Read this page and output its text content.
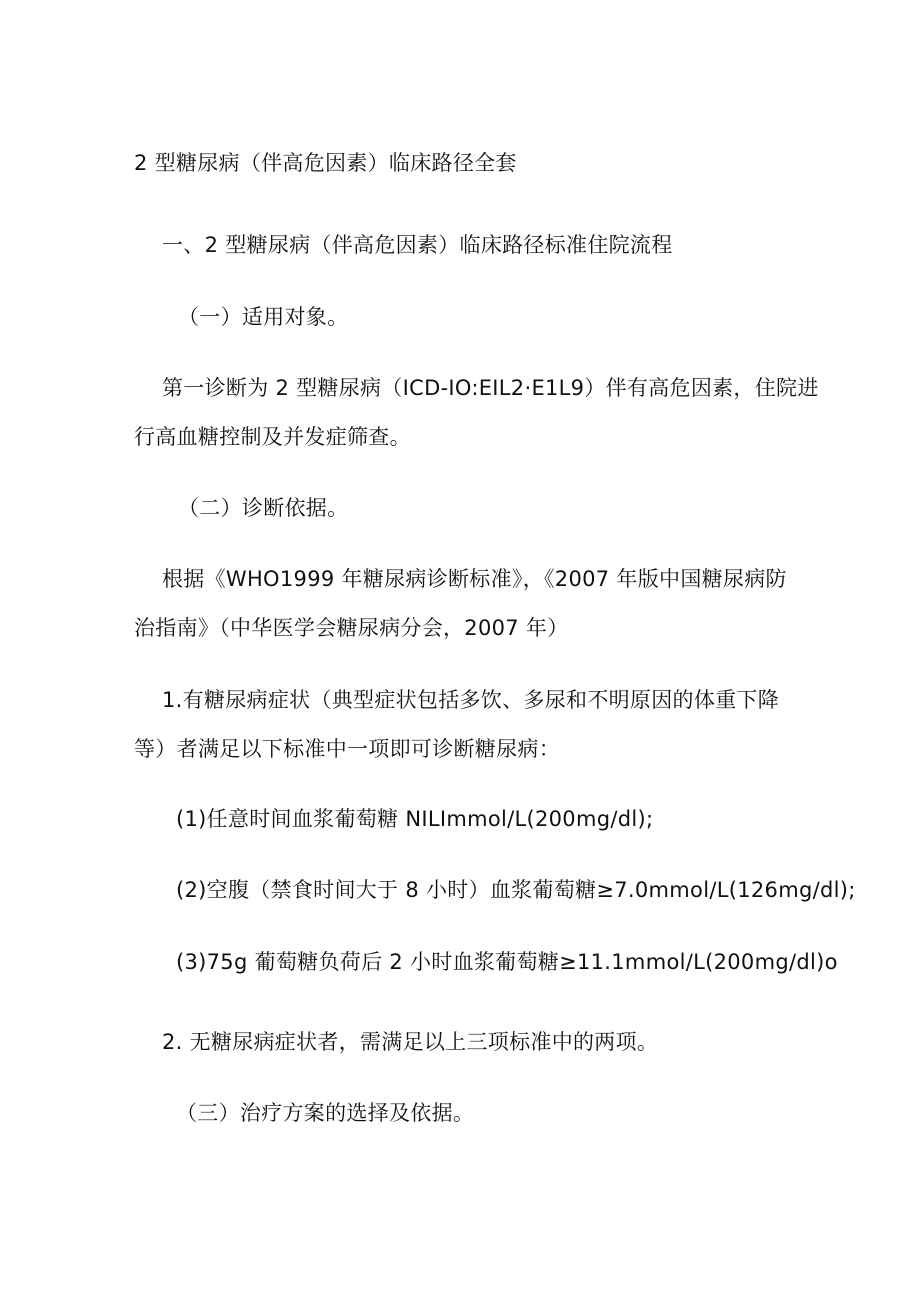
2 型糖尿病（伴高危因素）临床路径全套
一、2 型糖尿病（伴高危因素）临床路径标准住院流程
（一）适用对象。
第一诊断为 2 型糖尿病（ICD-IO:EIL2·E1L9）伴有高危因素，住院进
行高血糖控制及并发症筛查。
（二）诊断依据。
根据《WHO1999 年糖尿病诊断标准》，《2007 年版中国糖尿病防
治指南》（中华医学会糖尿病分会，2007 年）
1.有糖尿病症状（典型症状包括多饮、多尿和不明原因的体重下降
等）者满足以下标准中一项即可诊断糖尿病：
(1)任意时间血浆葡萄糖 NILImmol/L(200mg∕dl);
(2)空腹（禁食时间大于 8 小时）血浆葡萄糖≥7.0mmol∕L(126mg∕dl);
(3)75g 葡萄糖负荷后 2 小时血浆葡萄糖≥11.1mmol∕L(200mg∕dl)o
2. 无糖尿病症状者，需满足以上三项标准中的两项。
（三）治疗方案的选择及依据。
